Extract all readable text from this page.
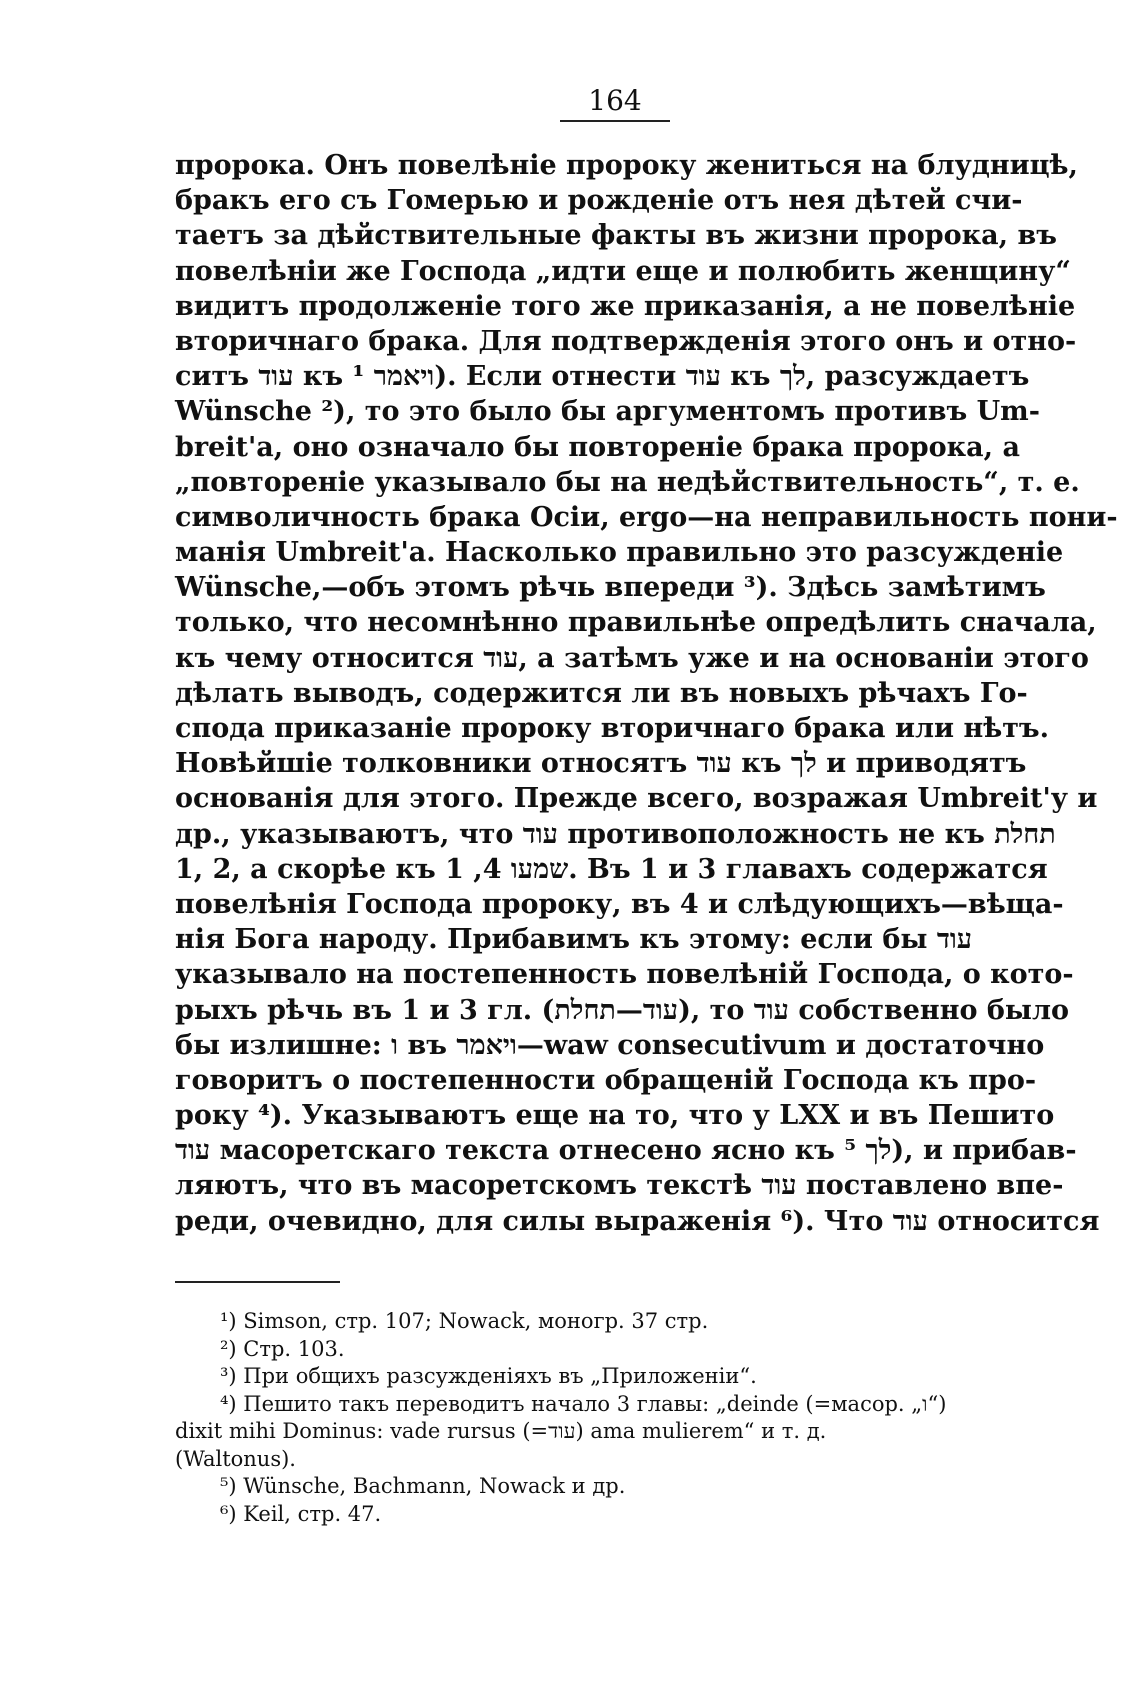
164
пророка. Онъ повелѣніе пророку жениться на блудницѣ,
бракъ его съ Гомерью и рожденіе отъ нея дѣтей счи-
таетъ за дѣйствительные факты въ жизни пророка, въ
повелѣніи же Господа „идти еще и полюбить женщину“
видитъ продолженіе того же приказанія, а не повелѣніе
вторичнаго брака. Для подтвержденія этого онъ и отно-
ситъ עוד къ ויאמר ¹). Если отнести עוד къ לך, разсуждаетъ
Wünsche ²), то это было бы аргументомъ противъ Um-
breit'a, оно означало бы повтореніе брака пророка, а
„повтореніе указывало бы на недѣйствительность“, т. е.
символичность брака Осіи, ergo—на неправильность пони-
манія Umbreit'a. Насколько правильно это разсужденіе
Wünsche,—объ этомъ рѣчь впереди ³). Здѣсь замѣтимъ
только, что несомнѣнно правильнѣе опредѣлить сначала,
къ чему относится עוד, а затѣмъ уже и на основаніи этого
дѣлать выводъ, содержится ли въ новыхъ рѣчахъ Го-
спода приказаніе пророку вторичнаго брака или нѣтъ.
Новѣйшіе толковники относятъ עוד къ לך и приводятъ
основанія для этого. Прежде всего, возражая Umbreit'у и
др., указываютъ, что עוד противоположность не къ תחלת
1, 2, а скорѣе къ שמעו 4, 1. Въ 1 и 3 главахъ содержатся
повелѣнія Господа пророку, въ 4 и слѣдующихъ—вѣща-
нія Бога народу. Прибавимъ къ этому: если бы עוד
указывало на постепенность повелѣній Господа, о кото-
рыхъ рѣчь въ 1 и 3 гл. (עוד—תחלת), то עוד собственно было
бы излишне: ו въ ויאמר—waw consecutivum и достаточно
говоритъ о постепенности обращеній Господа къ про-
року ⁴). Указываютъ еще на то, что у LXX и въ Пешито
עוד масоретскаго текста отнесено ясно къ לך ⁵), и прибав-
ляютъ, что въ масоретскомъ текстѣ עוד поставлено впе-
реди, очевидно, для силы выраженія ⁶). Что עוד относится
¹) Simson, стр. 107; Nowack, моногр. 37 стр.
²) Стр. 103.
³) При общихъ разсужденіяхъ въ „Приложеніи“.
⁴) Пешито такъ переводитъ начало 3 главы: „deinde (=масор. „ו“)
dixit mihi Dominus: vade rursus (=עוד) ama mulierem“ и т. д.
(Waltonus).
⁵) Wünsche, Bachmann, Nowack и др.
⁶) Keil, стр. 47.
